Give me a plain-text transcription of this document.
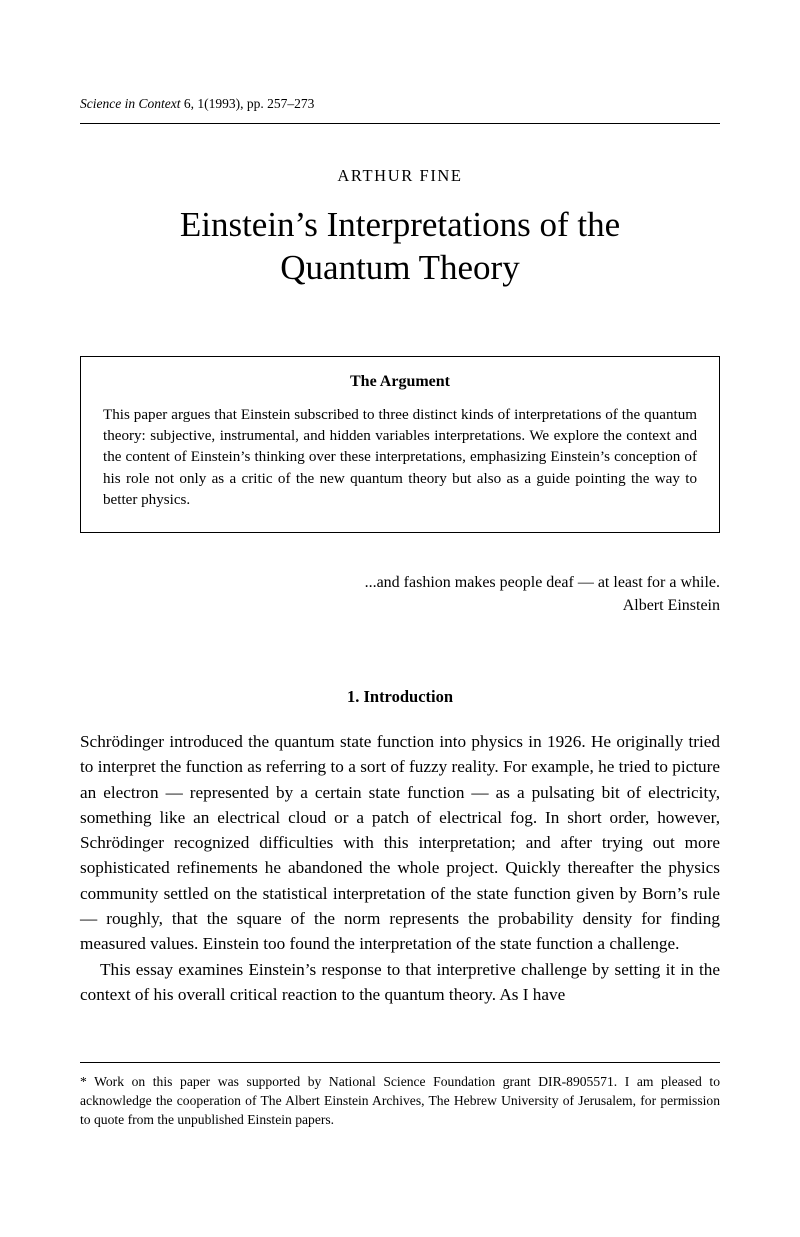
Science in Context 6, 1(1993), pp. 257–273
ARTHUR FINE
Einstein’s Interpretations of the
Quantum Theory
The Argument
This paper argues that Einstein subscribed to three distinct kinds of interpretations of the quantum theory: subjective, instrumental, and hidden variables interpretations. We explore the context and the content of Einstein’s thinking over these interpretations, emphasizing Einstein’s conception of his role not only as a critic of the new quantum theory but also as a guide pointing the way to better physics.
...and fashion makes people deaf — at least for a while.
Albert Einstein
1. Introduction

Schrödinger introduced the quantum state function into physics in 1926. He originally tried to interpret the function as referring to a sort of fuzzy reality. For example, he tried to picture an electron — represented by a certain state function — as a pulsating bit of electricity, something like an electrical cloud or a patch of electrical fog. In short order, however, Schrödinger recognized difficulties with this interpretation; and after trying out more sophisticated refinements he abandoned the whole project. Quickly thereafter the physics community settled on the statistical interpretation of the state function given by Born’s rule — roughly, that the square of the norm represents the probability density for finding measured values. Einstein too found the interpretation of the state function a challenge.

This essay examines Einstein’s response to that interpretive challenge by setting it in the context of his overall critical reaction to the quantum theory. As I have

* Work on this paper was supported by National Science Foundation grant DIR-8905571. I am pleased to acknowledge the cooperation of The Albert Einstein Archives, The Hebrew University of Jerusalem, for permission to quote from the unpublished Einstein papers.
